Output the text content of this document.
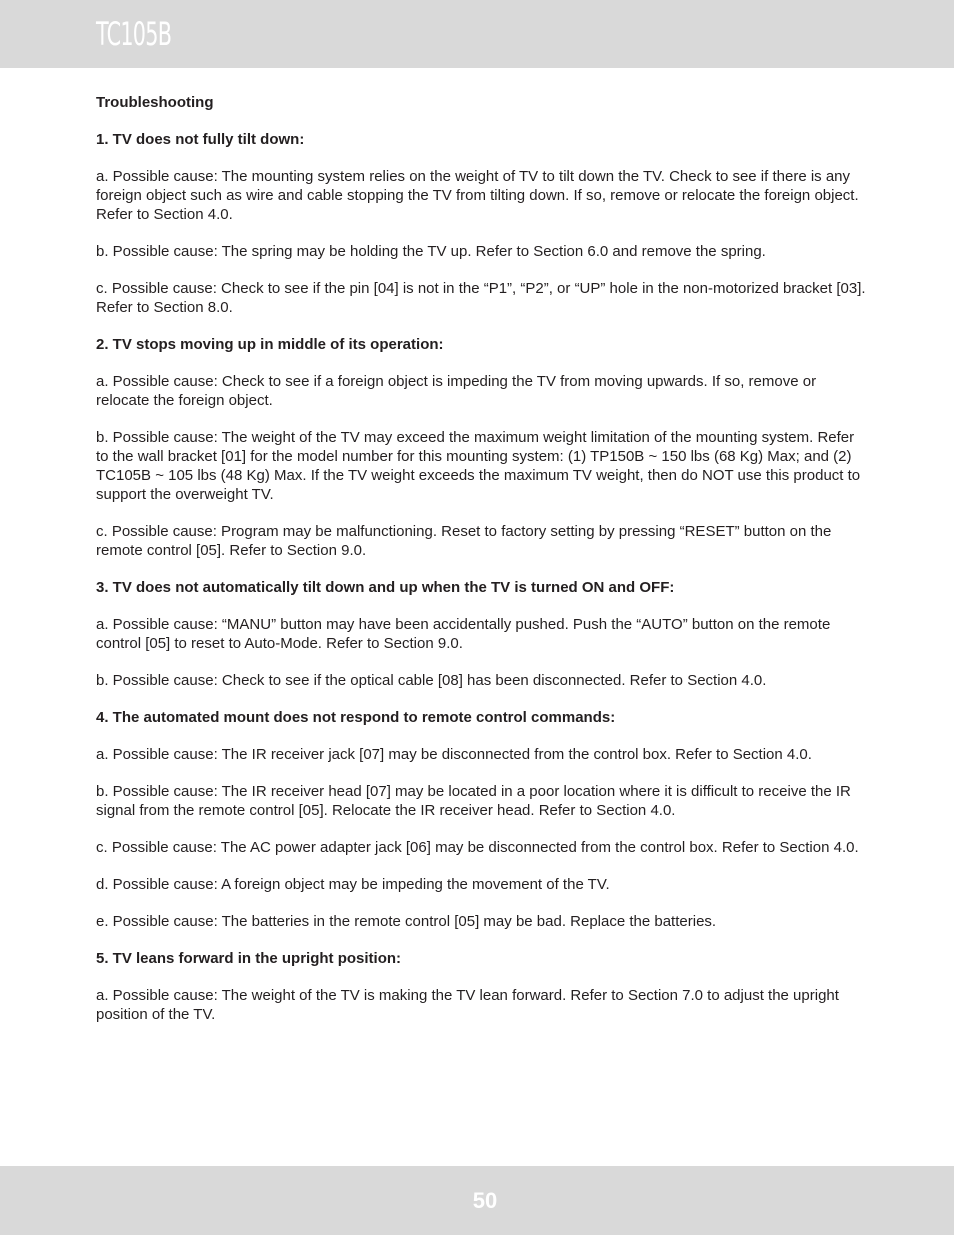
TC105B
Troubleshooting
1. TV does not fully tilt down:

a. Possible cause: The mounting system relies on the weight of TV to tilt down the TV. Check to see if there is any foreign object such as wire and cable stopping the TV from tilting down. If so, remove or relocate the foreign object. Refer to Section 4.0.

b. Possible cause: The spring may be holding the TV up. Refer to Section 6.0 and remove the spring.

c. Possible cause: Check to see if the pin [04] is not in the “P1”, “P2”, or “UP” hole in the non-motorized bracket [03]. Refer to Section 8.0.

2. TV stops moving up in middle of its operation:

a. Possible cause: Check to see if a foreign object is impeding the TV from moving upwards. If so, remove or relocate the foreign object.

b. Possible cause: The weight of the TV may exceed the maximum weight limitation of the mounting system. Refer to the wall bracket [01] for the model number for this mounting system: (1) TP150B ~ 150 lbs (68 Kg) Max; and (2) TC105B ~ 105 lbs (48 Kg) Max. If the TV weight exceeds the maximum TV weight, then do NOT use this product to support the overweight TV.

c. Possible cause: Program may be malfunctioning. Reset to factory setting by pressing “RESET” button on the remote control [05]. Refer to Section 9.0.

3. TV does not automatically tilt down and up when the TV is turned ON and OFF:

a. Possible cause: “MANU” button may have been accidentally pushed. Push the “AUTO” button on the remote control [05] to reset to Auto-Mode. Refer to Section 9.0.

b. Possible cause: Check to see if the optical cable [08] has been disconnected. Refer to Section 4.0.

4. The automated mount does not respond to remote control commands:

a. Possible cause: The IR receiver jack [07] may be disconnected from the control box. Refer to Section 4.0.

b. Possible cause: The IR receiver head [07] may be located in a poor location where it is difficult to receive the IR signal from the remote control [05]. Relocate the IR receiver head. Refer to Section 4.0.

c. Possible cause: The AC power adapter jack [06] may be disconnected from the control box. Refer to Section 4.0.

d. Possible cause: A foreign object may be impeding the movement of the TV.

e. Possible cause: The batteries in the remote control [05] may be bad. Replace the batteries.

5. TV leans forward in the upright position:

a. Possible cause: The weight of the TV is making the TV lean forward. Refer to Section 7.0 to adjust the upright position of the TV.

50
